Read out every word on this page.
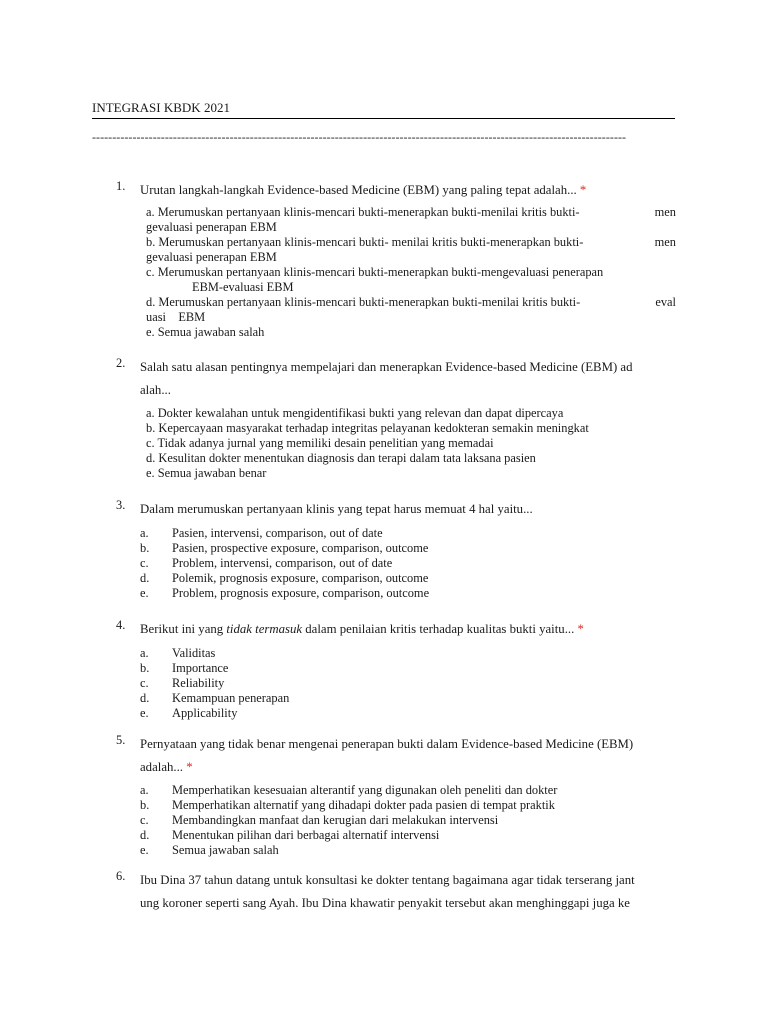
INTEGRASI KBDK 2021
------------------------------------------------------------------------------------------------------------------------------------
1. Urutan langkah-langkah Evidence-based Medicine (EBM) yang paling tepat adalah... *
a. Merumuskan pertanyaan klinis-mencari bukti-menerapkan bukti-menilai kritis bukti-	men
gevaluasi penerapan EBM
b. Merumuskan pertanyaan klinis-mencari bukti- menilai kritis bukti-menerapkan bukti-	men
gevaluasi penerapan EBM
c. Merumuskan pertanyaan klinis-mencari bukti-menerapkan bukti-mengevaluasi penerapan
EBM-evaluasi EBM
d. Merumuskan pertanyaan klinis-mencari bukti-menerapkan bukti-menilai kritis bukti-	eval
uasi    EBM
e. Semua jawaban salah
2. Salah satu alasan pentingnya mempelajari dan menerapkan Evidence-based Medicine (EBM) ad
alah...
a. Dokter kewalahan untuk mengidentifikasi bukti yang relevan dan dapat dipercaya
b. Kepercayaan masyarakat terhadap integritas pelayanan kedokteran semakin meningkat
c. Tidak adanya jurnal yang memiliki desain penelitian yang memadai
d. Kesulitan dokter menentukan diagnosis dan terapi dalam tata laksana pasien
e. Semua jawaban benar
3. Dalam merumuskan pertanyaan klinis yang tepat harus memuat 4 hal yaitu...
a.	Pasien, intervensi, comparison, out of date
b.	Pasien, prospective exposure, comparison, outcome
c.	Problem, intervensi, comparison, out of date
d.	Polemik, prognosis exposure, comparison, outcome
e.	Problem, prognosis exposure, comparison, outcome
4. Berikut ini yang tidak termasuk dalam penilaian kritis terhadap kualitas bukti yaitu... *
a.	Validitas
b.	Importance
c.	Reliability
d.	Kemampuan penerapan
e.	Applicability
5. Pernyataan yang tidak benar mengenai penerapan bukti dalam Evidence-based Medicine (EBM)
adalah... *
a.	Memperhatikan kesesuaian alterantif yang digunakan oleh peneliti dan dokter
b.	Memperhatikan alternatif yang dihadapi dokter pada pasien di tempat praktik
c.	Membandingkan manfaat dan kerugian dari melakukan intervensi
d.	Menentukan pilihan dari berbagai alternatif intervensi
e.	Semua jawaban salah
6. Ibu Dina 37 tahun datang untuk konsultasi ke dokter tentang bagaimana agar tidak terserang jant
ung koroner seperti sang Ayah. Ibu Dina khawatir penyakit tersebut akan menghinggapi juga ke
